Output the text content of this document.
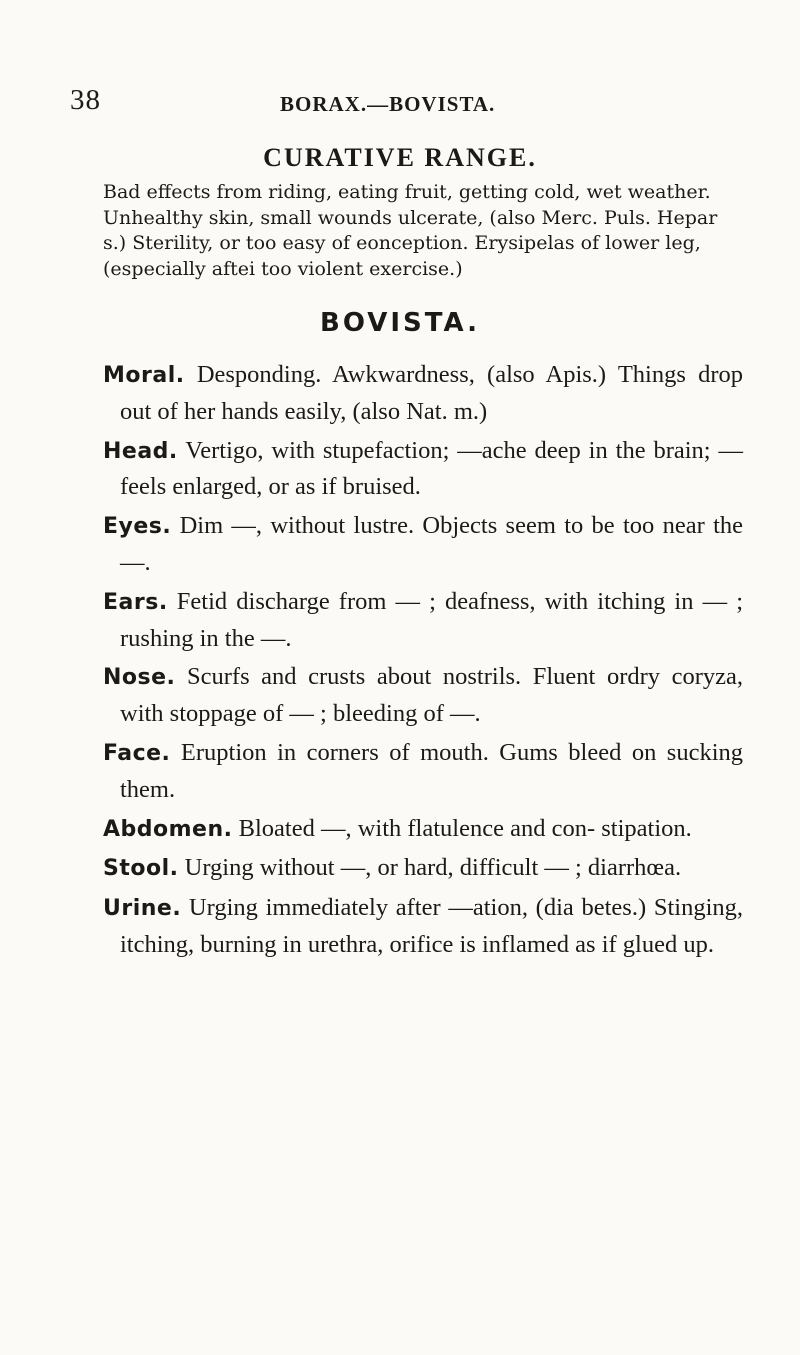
38	BORAX.—BOVISTA.
CURATIVE RANGE.

Bad effects from riding, eating fruit, getting cold, wet weather. Unhealthy skin, small wounds ulcerate, (also Merc. Puls. Hepar s.) Sterility, or too easy of eonception. Erysipelas of lower leg, (especially aftei too violent exercise.)

BOVISTA.

Moral. Desponding. Awkwardness, (also Apis.) Things drop out of her hands easily, (also Nat. m.)

Head. Vertigo, with stupefaction; —ache deep in the brain; — feels enlarged, or as if bruised.

Eyes. Dim —, without lustre. Objects seem to be too near the —.

Ears. Fetid discharge from — ; deafness, with itching in — ; rushing in the —.

Nose. Scurfs and crusts about nostrils. Fluent ordry coryza, with stoppage of — ; bleeding of —.

Face. Eruption in corners of mouth. Gums bleed on sucking them.

Abdomen. Bloated —, with flatulence and con- stipation.

Stool. Urging without —, or hard, difficult — ; diarrhœa.

Urine. Urging immediately after —ation, (dia betes.) Stinging, itching, burning in urethra, orifice is inflamed as if glued up.
